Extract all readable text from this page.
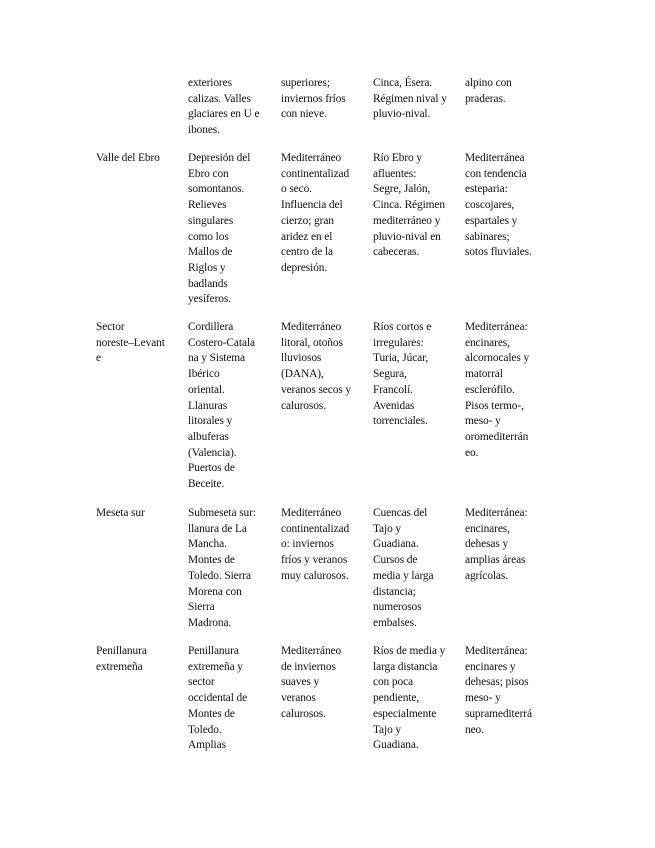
exteriores
calizas. Valles
glaciares en U e
ibones.
superiores;
inviernos fríos
con nieve.
Cinca, Ésera.
Régimen nival y
pluvio-nival.
alpino con
praderas.
Valle del Ebro	Depresión del
Ebro con
somontanos.
Relieves
singulares
como los
Mallos de
Riglos y
badlands
yesíferos.
Mediterráneo
continentalizad
o seco.
Influencia del
cierzo; gran
aridez en el
centro de la
depresión.
Río Ebro y
afluentes:
Segre, Jalón,
Cinca. Régimen
mediterráneo y
pluvio-nival en
cabeceras.
Mediterránea
con tendencia
esteparia:
coscojares,
espartales y
sabinares;
sotos fluviales.
Sector
noreste–Levant
e
Cordillera
Costero-Catala
na y Sistema
Ibérico
oriental.
Llanuras
litorales y
albuferas
(Valencia).
Puertos de
Beceite.
Mediterráneo
litoral, otoños
lluviosos
(DANA),
veranos secos y
calurosos.
Ríos cortos e
irregulares:
Turia, Júcar,
Segura,
Francolí.
Avenidas
torrenciales.
Mediterránea:
encinares,
alcornocales y
matorral
esclerófilo.
Pisos termo-,
meso- y
oromediterrán
eo.
Meseta sur	Submeseta sur:
llanura de La
Mancha.
Montes de
Toledo. Sierra
Morena con
Sierra
Madrona.
Mediterráneo
continentalizad
o: inviernos
fríos y veranos
muy calurosos.
Cuencas del
Tajo y
Guadiana.
Cursos de
media y larga
distancia;
numerosos
embalses.
Mediterránea:
encinares,
dehesas y
amplias áreas
agrícolas.
Penillanura
extremeña
Penillanura
extremeña y
sector
occidental de
Montes de
Toledo.
Amplias
Mediterráneo
de inviernos
suaves y
veranos
calurosos.
Ríos de media y
larga distancia
con poca
pendiente,
especialmente
Tajo y
Guadiana.
Mediterránea:
encinares y
dehesas; pisos
meso- y
supramediterrá
neo.
